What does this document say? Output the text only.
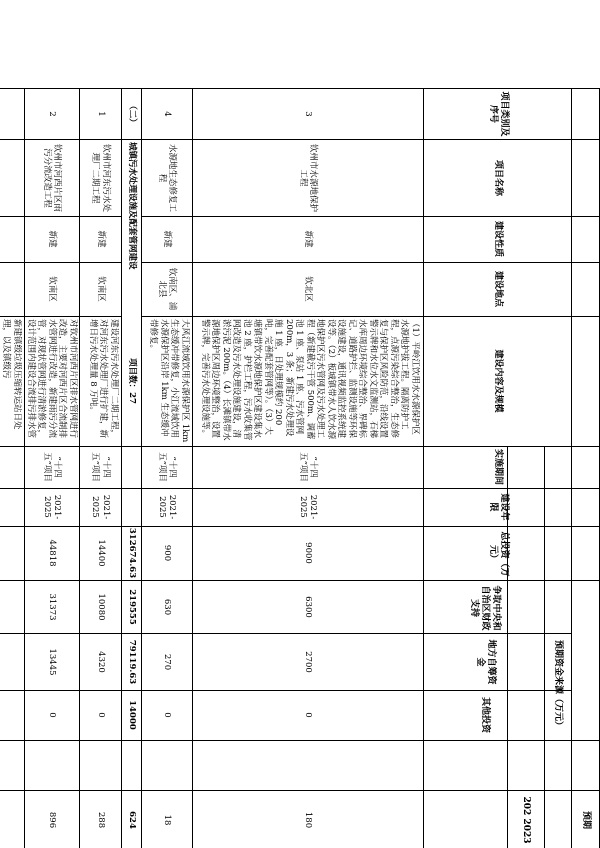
项目类别及序号
项目名称
建设性质
建设地点
建设内容及规模
实施期间
建设年限
总投资（万元）
预期资金来源（万元）
争取中央和自治区财政支持
地方自筹资金
其他投资
预期
202 2023
3
钦州市水源地保护工程
新建
钦北区
（1）平岭江饮用水水源保护区水源地护拔工程。隔离防护工程，点源污染综合整治，生态修复与保护区风险防范，沿线设置警示牌和水位水文监测站，石梯水库周边环境综合整治、界碑标记、道路护拦、监测设施等环保设施建设，通讯视频监控系统建设等。（2）板城镇带水人饮水源地保护区污水管网及污水处理工程（新建截污干管 500m、调蓄池 1 座、泵站 1 座、污水管网200m，3 条；新建污水处理设施 1 座，日处理规模约 200 吨，完善配套管网等）。（3）大塘镇带饮水源地保护区建设集水池 2 座，护栏工程，污水收集管网改造及污水处理设施建设，清淤污泥 200m。（4）长滩镇带水源地保护区周边环境整治，设置警示牌，完善污水处理设施等。
“十四五”项目
2021-2025
9000
6300
2700
0
180
4
水源地生态修复工程
新建
钦南区、浦北县
大风江流域饮用水源保护区 1km 生态缓冲带修复，小江流域饮用水源保护区沿岸 1km 生态缓冲带修复。
“十四五”项目
2021-2025
900
630
270
0
18
（二）
城镇污水处理设施及配套管网建设
项目数：27
312674.63
219555
79119.63
14000
624
1
钦州市河东污水处理厂二期工程
新建
钦南区
建设河东污水处理厂二期工程，对河东污水处理厂进行扩建，新增日污水处理量 8 万吨。
“十四五”项目
2021-2025
14400
10080
4320
0
288
2
钦州市河西片区雨污分流改造工程
新建
钦南区
对钦州市河西片区排水管网进行改造，主要对河西片区合流制排水管网进行改造，新建雨污分流管，对现状管网进行清淤修复，设计范围内建设合流排污排水管
“十四五”项目
2021-2025
44818
31373
13445
0
896
新建镇级垃圾压缩转运站日处理，以及镇级污
